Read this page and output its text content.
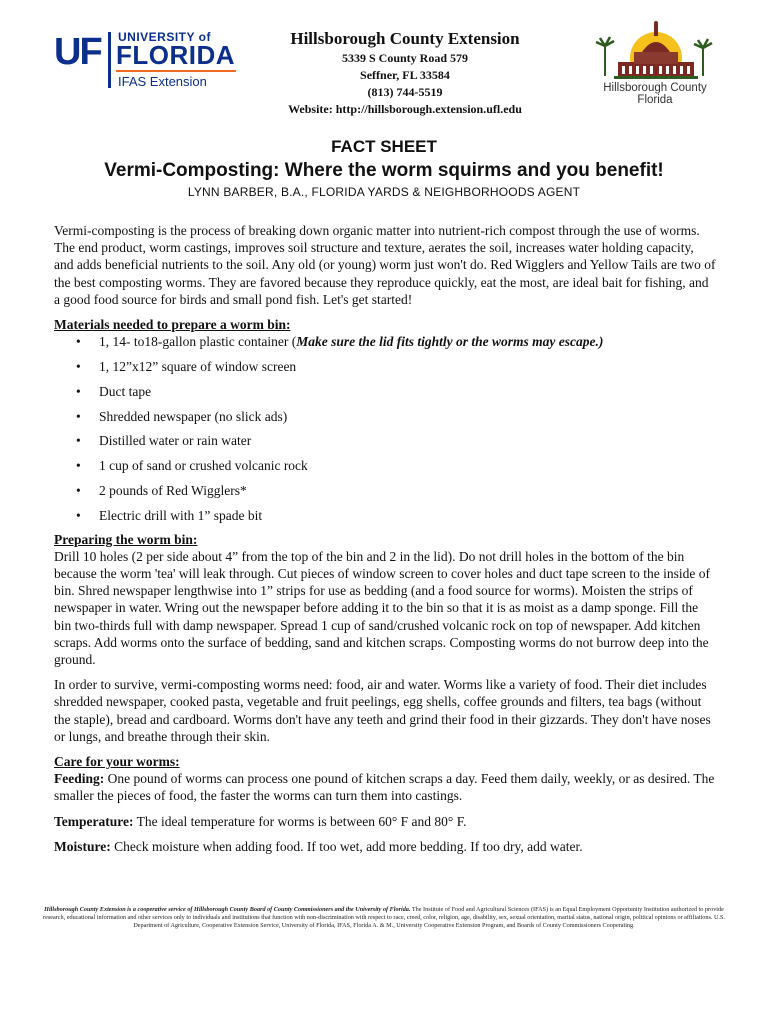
UF UNIVERSITY of
FLORIDA
IFAS Extension
Hillsborough County Extension
5339 S County Road 579
Seffner, FL 33584
(813) 744-5519
Website: http://hillsborough.extension.ufl.edu
Hillsborough County
Florida
FACT SHEET
Vermi-Composting: Where the worm squirms and you benefit!
LYNN BARBER, B.A., FLORIDA YARDS & NEIGHBORHOODS AGENT

Vermi-composting is the process of breaking down organic matter into nutrient-rich compost through the use of worms. The end product, worm castings, improves soil structure and texture, aerates the soil, increases water holding capacity, and adds beneficial nutrients to the soil. Any old (or young) worm just won't do. Red Wigglers and Yellow Tails are two of the best composting worms. They are favored because they reproduce quickly, eat the most, are ideal bait for fishing, and a good food source for birds and small pond fish. Let's get started!

Materials needed to prepare a worm bin:

• 1, 14- to18-gallon plastic container (Make sure the lid fits tightly or the worms may escape.)
• 1, 12”x12” square of window screen
• Duct tape
• Shredded newspaper (no slick ads)
• Distilled water or rain water
• 1 cup of sand or crushed volcanic rock
• 2 pounds of Red Wigglers*
• Electric drill with 1” spade bit

Preparing the worm bin:

Drill 10 holes (2 per side about 4” from the top of the bin and 2 in the lid). Do not drill holes in the bottom of the bin because the worm 'tea' will leak through. Cut pieces of window screen to cover holes and duct tape screen to the inside of bin. Shred newspaper lengthwise into 1” strips for use as bedding (and a food source for worms). Moisten the strips of newspaper in water. Wring out the newspaper before adding it to the bin so that it is as moist as a damp sponge. Fill the bin two-thirds full with damp newspaper. Spread 1 cup of sand/crushed volcanic rock on top of newspaper. Add kitchen scraps. Add worms onto the surface of bedding, sand and kitchen scraps. Composting worms do not burrow deep into the ground.

In order to survive, vermi-composting worms need: food, air and water. Worms like a variety of food. Their diet includes shredded newspaper, cooked pasta, vegetable and fruit peelings, egg shells, coffee grounds and filters, tea bags (without the staple), bread and cardboard. Worms don't have any teeth and grind their food in their gizzards. They don't have noses or lungs, and breathe through their skin.

Care for your worms:

Feeding: One pound of worms can process one pound of kitchen scraps a day. Feed them daily, weekly, or as desired. The smaller the pieces of food, the faster the worms can turn them into castings.

Temperature: The ideal temperature for worms is between 60° F and 80° F.

Moisture: Check moisture when adding food. If too wet, add more bedding. If too dry, add water.

Hillsborough County Extension is a cooperative service of Hillsborough County Board of County Commissioners and the University of Florida. The Institute of Food and Agricultural Sciences (IFAS) is an Equal Employment Opportunity Institution authorized to provide research, educational information and other services only to individuals and institutions that function with non-discrimination with respect to race, creed, color, religion, age, disability, sex, sexual orientation, marital status, national origin, political opinions or affiliations. U.S. Department of Agriculture, Cooperative Extension Service, University of Florida, IFAS, Florida A. & M., University Cooperative Extension Program, and Boards of County Commissioners Cooperating.
